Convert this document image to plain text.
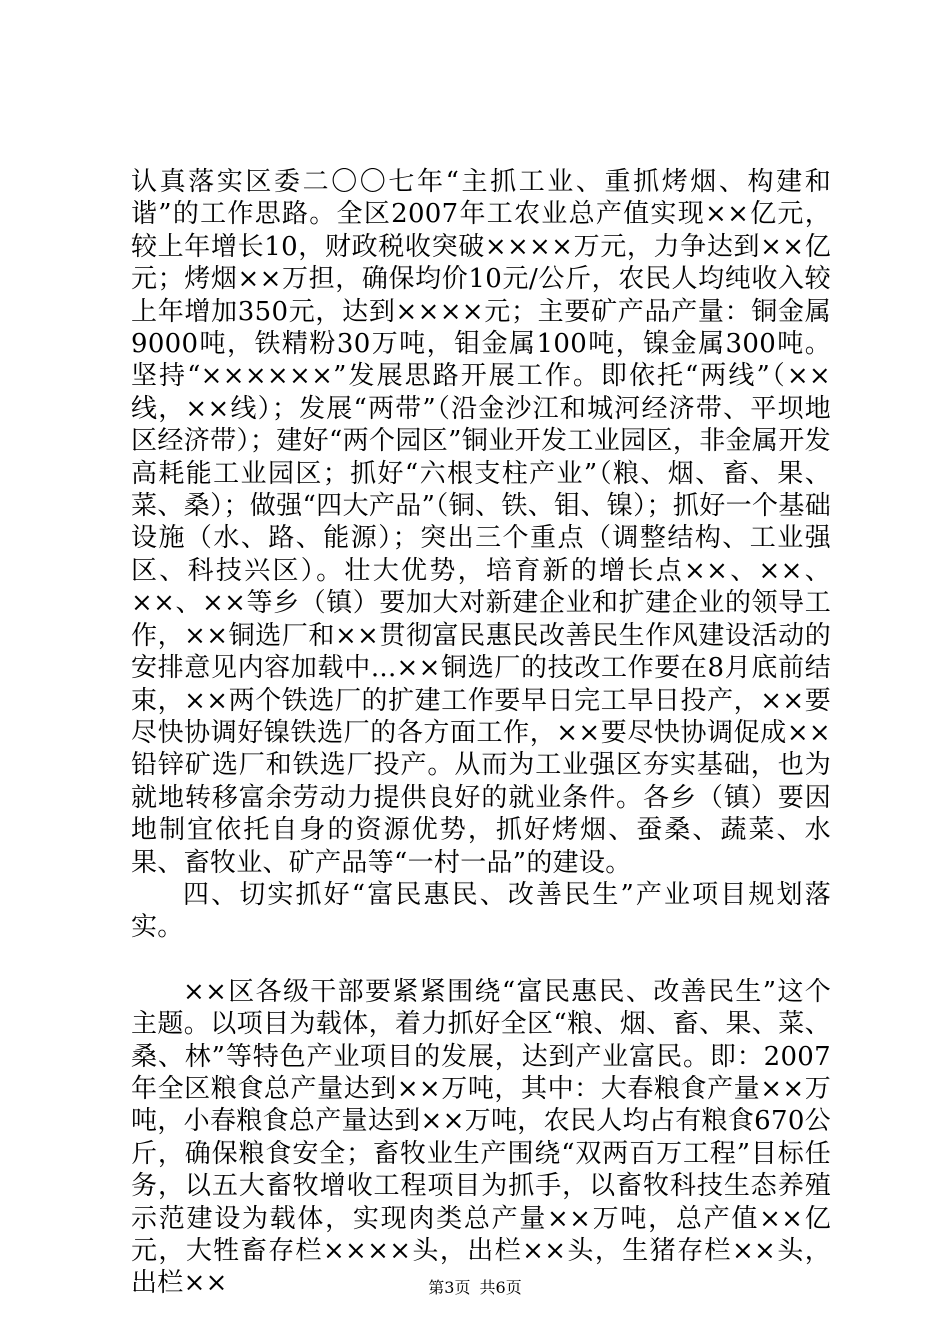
认真落实区委二〇〇七年“主抓工业、重抓烤烟、构建和谐”的工作思路。全区2007年工农业总产值实现××亿元，较上年增长10，财政税收突破××××万元，力争达到××亿元；烤烟××万担，确保均价10元/公斤，农民人均纯收入较上年增加350元，达到××××元；主要矿产品产量：铜金属9000吨，铁精粉30万吨，钼金属100吨，镍金属300吨。坚持“××××××”发展思路开展工作。即依托“两线”（××线，××线）；发展“两带”（沿金沙江和城河经济带、平坝地区经济带）；建好“两个园区”铜业开发工业园区，非金属开发高耗能工业园区；抓好“六根支柱产业”（粮、烟、畜、果、菜、桑）；做强“四大产品”（铜、铁、钼、镍）；抓好一个基础设施（水、路、能源）；突出三个重点（调整结构、工业强区、科技兴区）。壮大优势，培育新的增长点××、××、××、××等乡（镇）要加大对新建企业和扩建企业的领导工作，××铜选厂和××贯彻富民惠民改善民生作风建设活动的安排意见内容加载中...××铜选厂的技改工作要在8月底前结束，××两个铁选厂的扩建工作要早日完工早日投产，××要尽快协调好镍铁选厂的各方面工作，××要尽快协调促成××铅锌矿选厂和铁选厂投产。从而为工业强区夯实基础，也为就地转移富余劳动力提供良好的就业条件。各乡（镇）要因地制宜依托自身的资源优势，抓好烤烟、蚕桑、蔬菜、水果、畜牧业、矿产品等“一村一品”的建设。

四、切实抓好“富民惠民、改善民生”产业项目规划落实。

××区各级干部要紧紧围绕“富民惠民、改善民生”这个主题。以项目为载体，着力抓好全区“粮、烟、畜、果、菜、桑、林”等特色产业项目的发展，达到产业富民。即：2007年全区粮食总产量达到××万吨，其中：大春粮食产量××万吨，小春粮食总产量达到××万吨，农民人均占有粮食670公斤，确保粮食安全；畜牧业生产围绕“双两百万工程”目标任务，以五大畜牧增收工程项目为抓手，以畜牧科技生态养殖示范建设为载体，实现肉类总产量××万吨，总产值××亿元，大牲畜存栏××××头，出栏××头，生猪存栏××头，出栏××	第3页 共6页
